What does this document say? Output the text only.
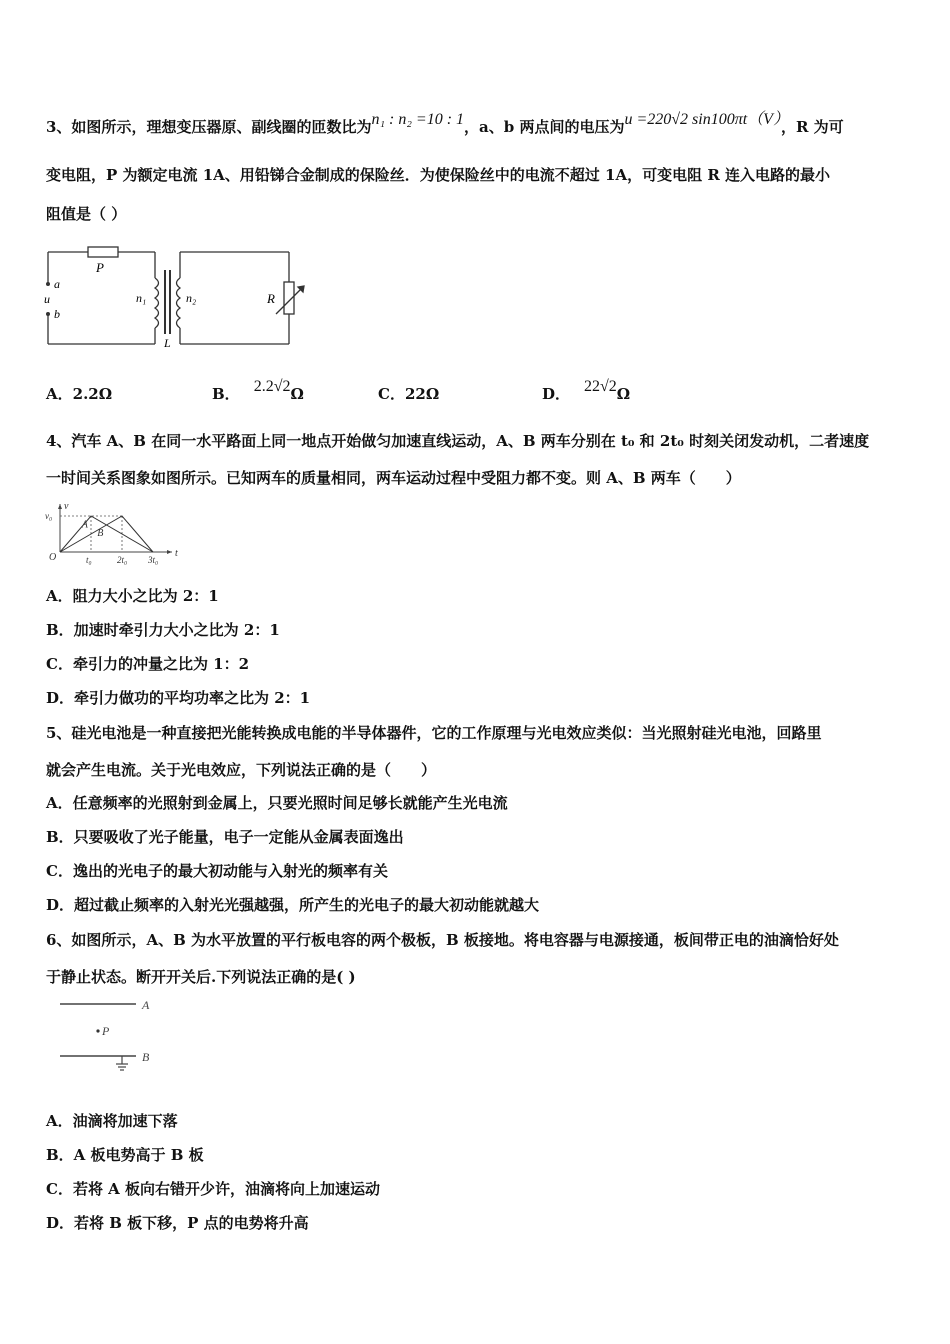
3、如图所示，理想变压器原、副线圈的匝数比为n₁ : n₂ =10 : 1，a、b 两点间的电压为u =220√2 sin100πt（V），R 为可
变电阻，P 为额定电流 1A、用铅锑合金制成的保险丝．为使保险丝中的电流不超过 1A，可变电阻 R 连入电路的最小
阻值是（ ）
P
a
u
b
n₁	n₂
L
R
A．2.2Ω	B． 2.2√2Ω	C．22Ω	D． 22√2Ω
4、汽车 A、B 在同一水平路面上同一地点开始做匀加速直线运动，A、B 两车分别在 t₀ 和 2t₀ 时刻关闭发动机，二者速度
一时间关系图象如图所示。已知两车的质量相同，两车运动过程中受阻力都不变。则 A、B 两车（　　）
A
B
t₀	2t₀ 3t₀
v₀
O	t
v
A．阻力大小之比为 2：1
B．加速时牵引力大小之比为 2：1
C．牵引力的冲量之比为 1：2
D．牵引力做功的平均功率之比为 2：1
5、硅光电池是一种直接把光能转换成电能的半导体器件，它的工作原理与光电效应类似：当光照射硅光电池，回路里
就会产生电流。关于光电效应，下列说法正确的是（　　）
A．任意频率的光照射到金属上，只要光照时间足够长就能产生光电流
B．只要吸收了光子能量，电子一定能从金属表面逸出
C．逸出的光电子的最大初动能与入射光的频率有关
D．超过截止频率的入射光光强越强，所产生的光电子的最大初动能就越大
6、如图所示，A、B 为水平放置的平行板电容的两个极板，B 板接地。将电容器与电源接通，板间带正电的油滴恰好处
于静止状态。断开开关后.下列说法正确的是( )
A
P
B
A．油滴将加速下落
B．A 板电势高于 B 板
C．若将 A 板向右错开少许，油滴将向上加速运动
D．若将 B 板下移，P 点的电势将升高
